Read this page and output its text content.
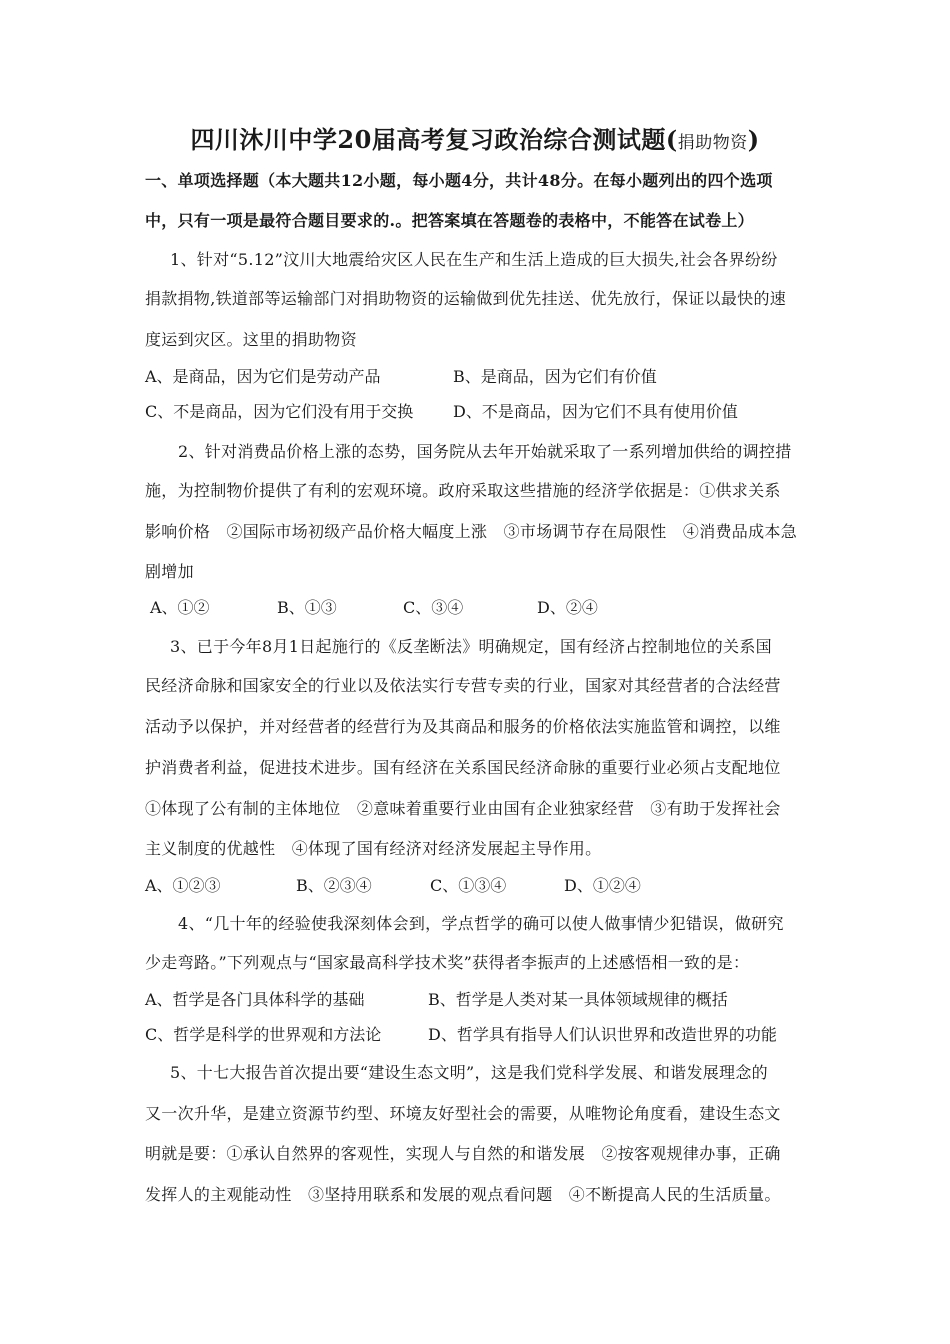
四川沐川中学20届高考复习政治综合测试题(捐助物资)
一、单项选择题（本大题共12小题，每小题4分，共计48分。在每小题列出的四个选项
中，只有一项是最符合题目要求的.。把答案填在答题卷的表格中，不能答在试卷上）
1、针对“5.12”汶川大地震给灾区人民在生产和生活上造成的巨大损失,社会各界纷纷
捐款捐物,铁道部等运输部门对捐助物资的运输做到优先挂送、优先放行，保证以最快的速
度运到灾区。这里的捐助物资
A、是商品，因为它们是劳动产品	B、是商品，因为它们有价值
C、不是商品，因为它们没有用于交换 D、不是商品，因为它们不具有使用价值
2、针对消费品价格上涨的态势，国务院从去年开始就采取了一系列增加供给的调控措
施，为控制物价提供了有利的宏观环境。政府采取这些措施的经济学依据是：①供求关系
影响价格　②国际市场初级产品价格大幅度上涨　③市场调节存在局限性　④消费品成本急
剧增加
A、①②	B、①③	C、③④	D、②④
3、已于今年8月1日起施行的《反垄断法》明确规定，国有经济占控制地位的关系国
民经济命脉和国家安全的行业以及依法实行专营专卖的行业，国家对其经营者的合法经营
活动予以保护，并对经营者的经营行为及其商品和服务的价格依法实施监管和调控，以维
护消费者利益，促进技术进步。国有经济在关系国民经济命脉的重要行业必须占支配地位
①体现了公有制的主体地位　②意味着重要行业由国有企业独家经营　③有助于发挥社会
主义制度的优越性　④体现了国有经济对经济发展起主导作用。
A、①②③	B、②③④	C、①③④	D、①②④
4、“几十年的经验使我深刻体会到，学点哲学的确可以使人做事情少犯错误，做研究
少走弯路。”下列观点与“国家最高科学技术奖”获得者李振声的上述感悟相一致的是：
A、哲学是各门具体科学的基础	B、哲学是人类对某一具体领域规律的概括
C、哲学是科学的世界观和方法论	D、哲学具有指导人们认识世界和改造世界的功能
5、十七大报告首次提出要“建设生态文明”，这是我们党科学发展、和谐发展理念的
又一次升华，是建立资源节约型、环境友好型社会的需要，从唯物论角度看，建设生态文
明就是要：①承认自然界的客观性，实现人与自然的和谐发展　②按客观规律办事，正确
发挥人的主观能动性　③坚持用联系和发展的观点看问题　④不断提高人民的生活质量。
